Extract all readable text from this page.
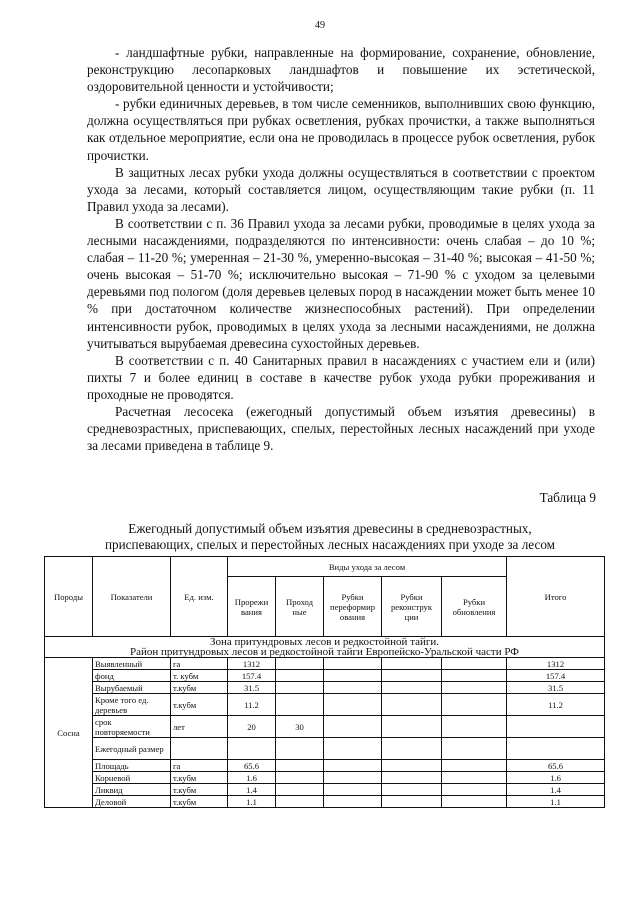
49

- ландшафтные рубки, направленные на формирование, сохранение, обновление, реконструкцию лесопарковых ландшафтов и повышение их эстетической, оздоровительной ценности и устойчивости;

- рубки единичных деревьев, в том числе семенников, выполнивших свою функцию, должна осуществляться при рубках осветления, рубках прочистки, а также выполняться как отдельное мероприятие, если она не проводилась в процессе рубок осветления, рубок прочистки.

В защитных лесах рубки ухода должны осуществляться в соответствии с проектом ухода за лесами, который составляется лицом, осуществляющим такие рубки (п. 11 Правил ухода за лесами).

В соответствии с п. 36 Правил ухода за лесами рубки, проводимые в целях ухода за лесными насаждениями, подразделяются по интенсивности: очень слабая – до 10 %; слабая – 11-20 %; умеренная – 21-30 %, умеренно-высокая – 31-40 %; высокая – 41-50 %; очень высокая – 51-70 %; исключительно высокая – 71-90 % с уходом за целевыми деревьями под пологом (доля деревьев целевых пород в насаждении может быть менее 10 % при достаточном количестве жизнеспособных растений). При определении интенсивности рубок, проводимых в целях ухода за лесными насаждениями, не должна учитываться вырубаемая древесина сухостойных деревьев.

В соответствии с п. 40 Санитарных правил в насаждениях с участием ели и (или) пихты 7 и более единиц в составе в качестве рубок ухода рубки прореживания и проходные не проводятся.

Расчетная лесосека (ежегодный допустимый объем изъятия древесины) в средневозрастных, приспевающих, спелых, перестойных лесных насаждений при уходе за лесами приведена в таблице 9.

Таблица 9
Ежегодный допустимый объем изъятия древесины в средневозрастных,
приспевающих, спелых и перестойных лесных насаждениях при уходе за лесом
Породы	Показатели	Ед. изм.	Виды ухода за лесом					Итого
			Прорежи вания	Проход ные	Рубки переформир ования	Рубки реконструк ции	Рубки обновления	

Зона притундровых лесов и редкостойной тайги.
Район притундровых лесов и редкостойной тайги Европейско-Уральской части РФ								

Сосна	Выявленный	га	1312					1312
	фонд	т. кубм	157.4					157.4
	Вырубаемый	т.кубм	31.5					31.5
	Кроме того ед. деревьев	т.кубм	11.2					11.2
	срок повторяемости	лет	20	30				
	Ежегодный размер							
	Площадь	га	65.6					65.6
	Корневой	т.кубм	1.6					1.6
	Ликвид	т.кубм	1.4					1.4
	Деловой	т.кубм	1.1					1.1
